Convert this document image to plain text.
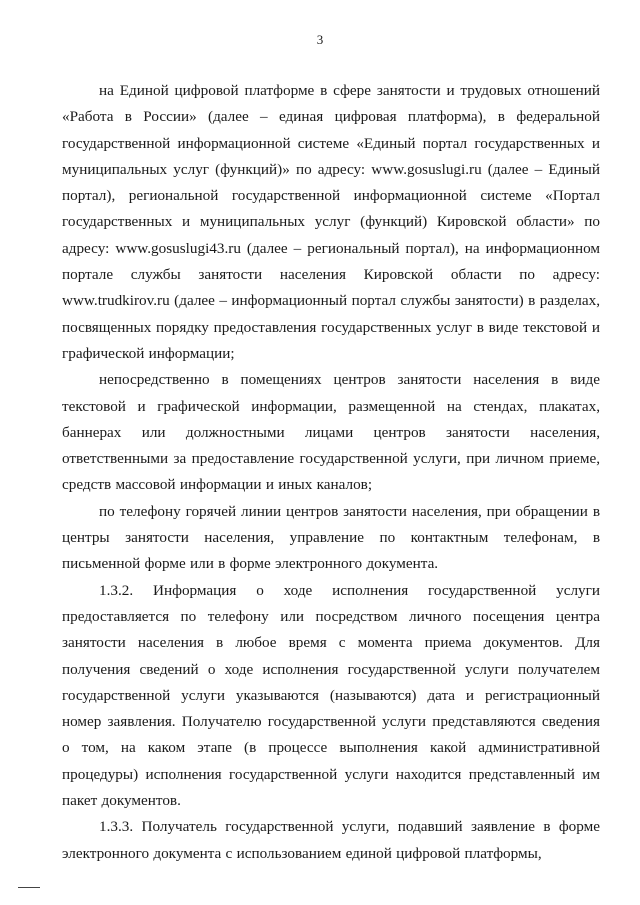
3

на Единой цифровой платформе в сфере занятости и трудовых отношений «Работа в России» (далее – единая цифровая платформа), в федеральной государственной информационной системе «Единый портал государственных и муниципальных услуг (функций)» по адресу: www.gosuslugi.ru (далее – Единый портал), региональной государственной информационной системе «Портал государственных и муниципальных услуг (функций) Кировской области» по адресу: www.gosuslugi43.ru (далее – региональный портал), на информационном портале службы занятости населения Кировской области по адресу: www.trudkirov.ru (далее – информационный портал службы занятости) в разделах, посвященных порядку предоставления государственных услуг в виде текстовой и графической информации;

непосредственно в помещениях центров занятости населения в виде текстовой и графической информации, размещенной на стендах, плакатах, баннерах или должностными лицами центров занятости населения, ответственными за предоставление государственной услуги, при личном приеме, средств массовой информации и иных каналов;

по телефону горячей линии центров занятости населения, при обращении в центры занятости населения, управление по контактным телефонам, в письменной форме или в форме электронного документа.

1.3.2. Информация о ходе исполнения государственной услуги предоставляется по телефону или посредством личного посещения центра занятости населения в любое время с момента приема документов. Для получения сведений о ходе исполнения государственной услуги получателем государственной услуги указываются (называются) дата и регистрационный номер заявления. Получателю государственной услуги представляются сведения о том, на каком этапе (в процессе выполнения какой административной процедуры) исполнения государственной услуги находится представленный им пакет документов.

1.3.3. Получатель государственной услуги, подавший заявление в форме электронного документа с использованием единой цифровой платформы,
